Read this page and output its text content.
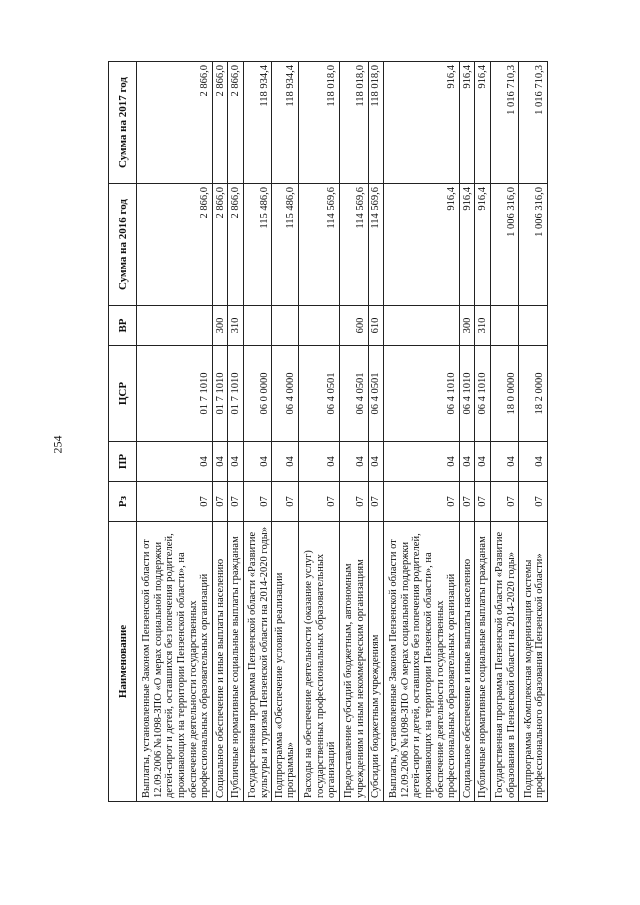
254
Наименование	Рз	ПР	ЦСР	ВР	Сумма на 2016 год	Сумма на 2017 год
Выплаты, установленные Законом Пензенской области от 12.09.2006 №1098-ЗПО «О мерах социальной поддержки детей-сирот и детей, оставшихся без попечения родителей, проживающих на территории Пензенской области», на обеспечение деятельности государственных профессиональных образовательных организаций	07	04	01 7 1010		2 866,0	2 866,0
Социальное обеспечение и иные выплаты населению	07	04	01 7 1010	300	2 866,0	2 866,0
Публичные нормативные социальные выплаты гражданам	07	04	01 7 1010	310	2 866,0	2 866,0
Государственная программа Пензенской области «Развитие культуры и туризма Пензенской области на 2014-2020 годы»	07	04	06 0 0000		115 486,0	118 934,4
Подпрограмма «Обеспечение условий реализации программы»	07	04	06 4 0000		115 486,0	118 934,4
Расходы на обеспечение деятельности (оказание услуг) государственных профессиональных образовательных организаций	07	04	06 4 0501		114 569,6	118 018,0
Предоставление субсидий бюджетным, автономным учреждениям и иным некоммерческим организациям	07	04	06 4 0501	600	114 569,6	118 018,0
Субсидии бюджетным учреждениям	07	04	06 4 0501	610	114 569,6	118 018,0
Выплаты, установленные Законом Пензенской области от 12.09.2006 №1098-ЗПО «О мерах социальной поддержки детей-сирот и детей, оставшихся без попечения родителей, проживающих на территории Пензенской области», на обеспечение деятельности государственных профессиональных образовательных организаций	07	04	06 4 1010		916,4	916,4
Социальное обеспечение и иные выплаты населению	07	04	06 4 1010	300	916,4	916,4
Публичные нормативные социальные выплаты гражданам	07	04	06 4 1010	310	916,4	916,4
Государственная программа Пензенской области «Развитие образования в Пензенской области на 2014-2020 годы»	07	04	18 0 0000		1 006 316,0	1 016 710,3
Подпрограмма «Комплексная модернизация системы профессионального образования Пензенской области»	07	04	18 2 0000		1 006 316,0	1 016 710,3
